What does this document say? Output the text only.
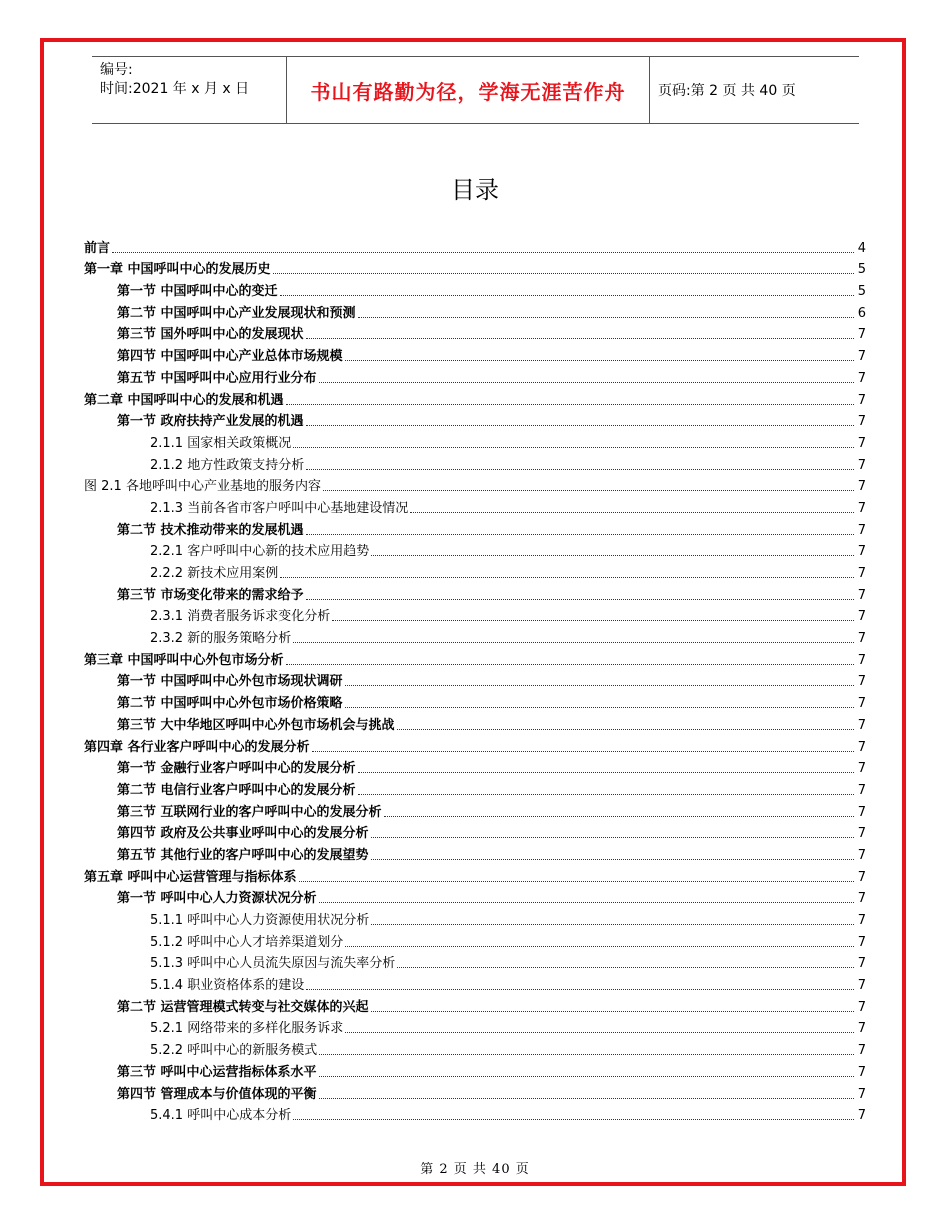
编号:
时间:2021 年 x 月 x 日	书山有路勤为径，学海无涯苦作舟	页码:第 2 页 共 40 页
目录
前言	4
第一章 中国呼叫中心的发展历史	5
第一节 中国呼叫中心的变迁	5
第二节 中国呼叫中心产业发展现状和预测	6
第三节 国外呼叫中心的发展现状	7
第四节 中国呼叫中心产业总体市场规模	7
第五节 中国呼叫中心应用行业分布	7
第二章 中国呼叫中心的发展和机遇	7
第一节 政府扶持产业发展的机遇	7
2.1.1 国家相关政策概况	7
2.1.2 地方性政策支持分析	7
图 2.1 各地呼叫中心产业基地的服务内容	7
2.1.3 当前各省市客户呼叫中心基地建设情况	7
第二节 技术推动带来的发展机遇	7
2.2.1 客户呼叫中心新的技术应用趋势	7
2.2.2 新技术应用案例	7
第三节 市场变化带来的需求给予	7
2.3.1 消费者服务诉求变化分析	7
2.3.2 新的服务策略分析	7
第三章 中国呼叫中心外包市场分析	7
第一节 中国呼叫中心外包市场现状调研	7
第二节 中国呼叫中心外包市场价格策略	7
第三节 大中华地区呼叫中心外包市场机会与挑战	7
第四章 各行业客户呼叫中心的发展分析	7
第一节 金融行业客户呼叫中心的发展分析	7
第二节 电信行业客户呼叫中心的发展分析	7
第三节 互联网行业的客户呼叫中心的发展分析	7
第四节 政府及公共事业呼叫中心的发展分析	7
第五节 其他行业的客户呼叫中心的发展望势	7
第五章 呼叫中心运营管理与指标体系	7
第一节 呼叫中心人力资源状况分析	7
5.1.1 呼叫中心人力资源使用状况分析	7
5.1.2 呼叫中心人才培养渠道划分	7
5.1.3 呼叫中心人员流失原因与流失率分析	7
5.1.4 职业资格体系的建设	7
第二节 运营管理模式转变与社交媒体的兴起	7
5.2.1 网络带来的多样化服务诉求	7
5.2.2 呼叫中心的新服务模式	7
第三节 呼叫中心运营指标体系水平	7
第四节 管理成本与价值体现的平衡	7
5.4.1 呼叫中心成本分析	7
第 2 页 共 40 页
